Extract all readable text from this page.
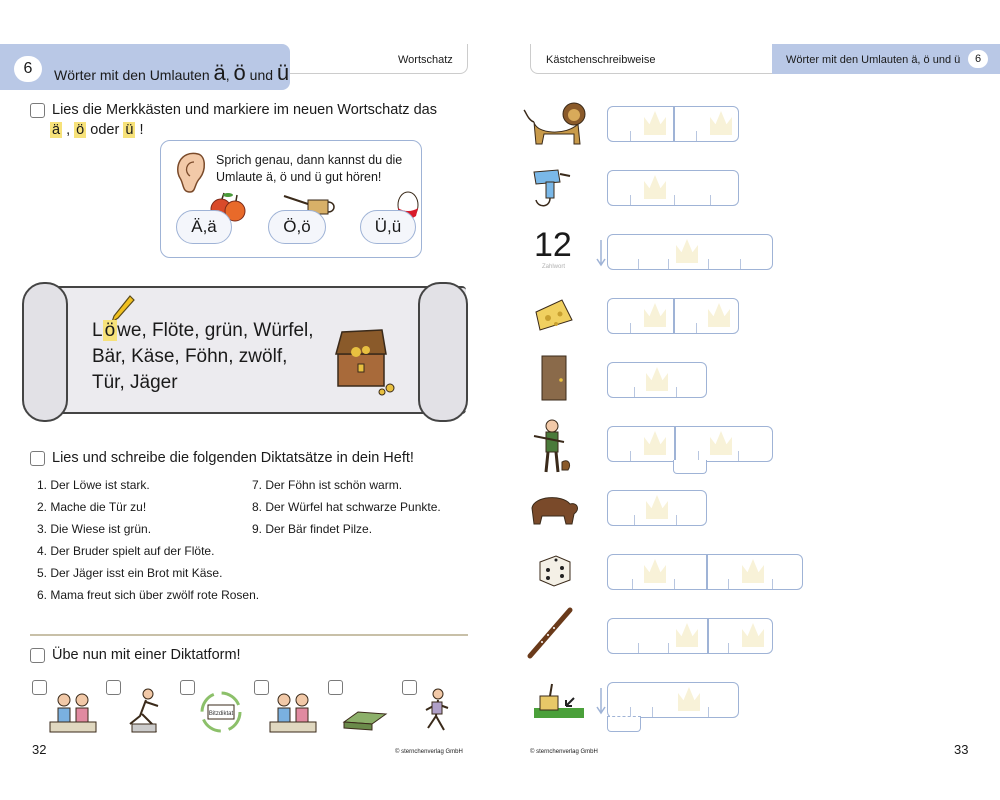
6	Wörter mit den Umlauten ä, ö und ü	Wortschatz
Lies die Merkkästen und markiere im neuen Wortschatz das
ä , ö oder ü !
Sprich genau, dann kannst du die
Umlaute ä, ö und ü gut hören!
Ä,ä	Ö,ö	Ü,ü
L ö we, Flöte, grün, Würfel,
Bär, Käse, Föhn, zwölf,
Tür, Jäger
Lies und schreibe die folgenden Diktatsätze in dein Heft!
1. Der Löwe ist stark.
2. Mache die Tür zu!
3. Die Wiese ist grün.
4. Der Bruder spielt auf der Flöte.
5. Der Jäger isst ein Brot mit Käse.
6. Mama freut sich über zwölf rote Rosen.
7. Der Föhn ist schön warm.
8. Der Würfel hat schwarze Punkte.
9. Der Bär findet Pilze.
Übe nun mit einer Diktatform!
Bitzdiktat
32	© sternchenverlag GmbH
Kästchenschreibweise	Wörter mit den Umlauten ä, ö und ü	6
12
Zahlwort
© sternchenverlag GmbH	33
